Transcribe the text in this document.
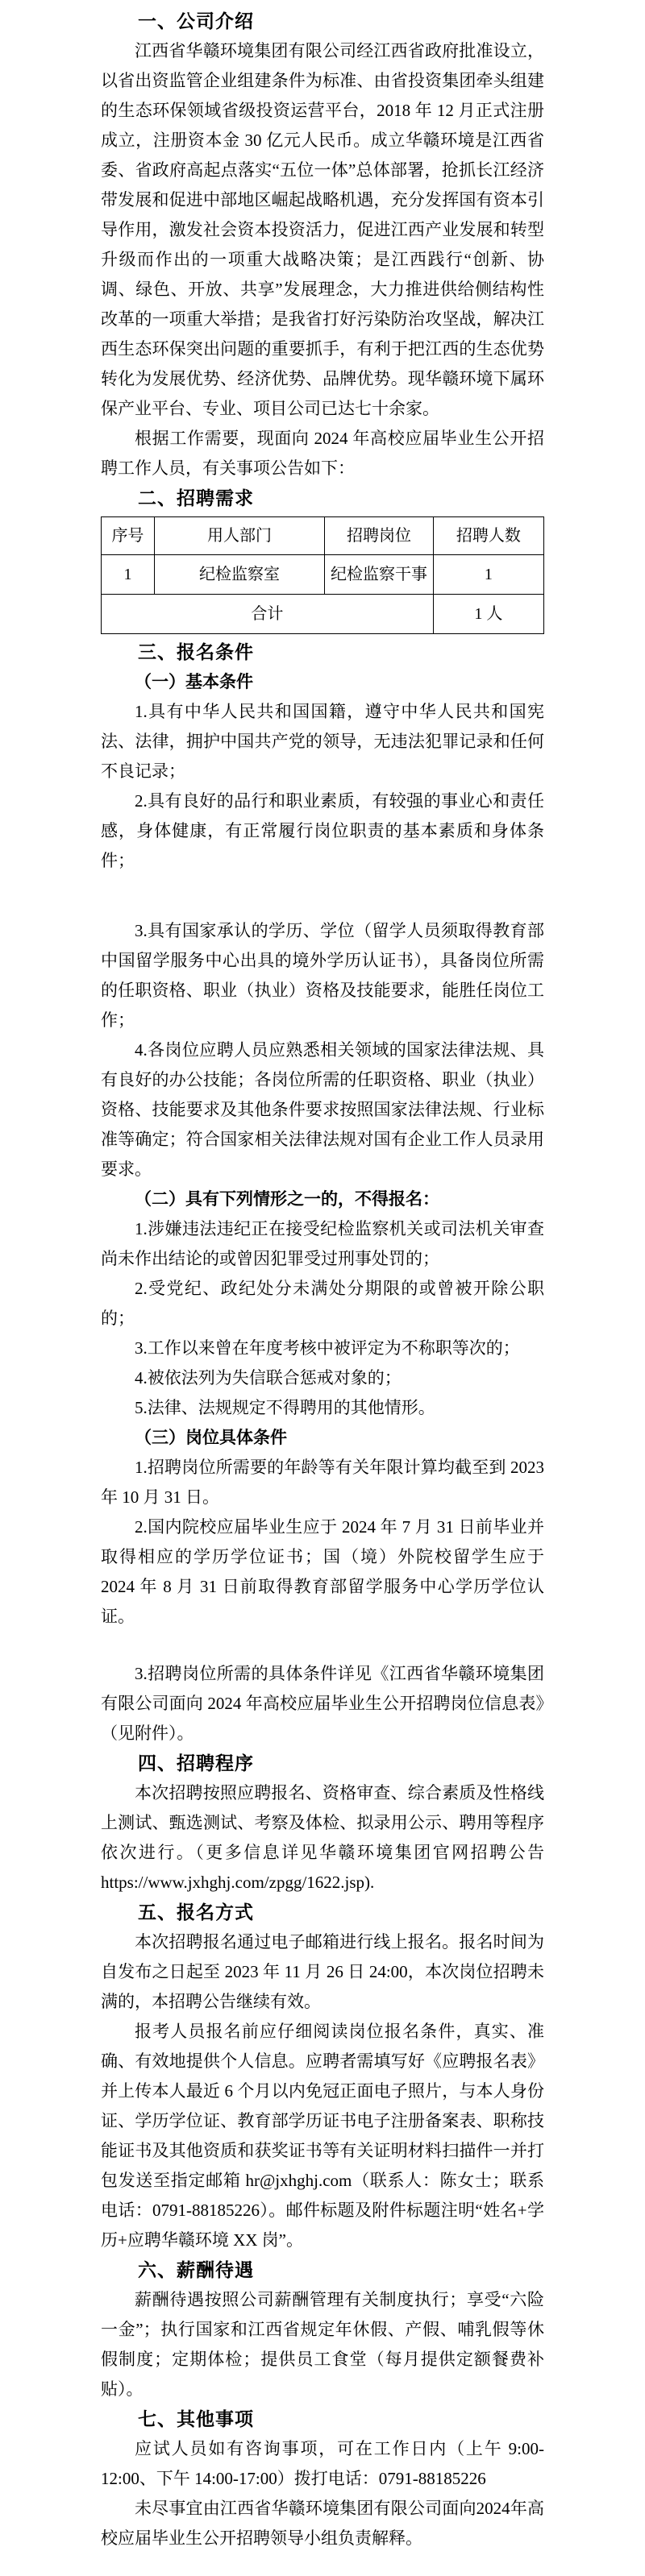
一、公司介绍

江西省华赣环境集团有限公司经江西省政府批准设立，以省出资监管企业组建条件为标准、由省投资集团牵头组建的生态环保领域省级投资运营平台，2018 年 12 月正式注册成立，注册资本金 30 亿元人民币。成立华赣环境是江西省委、省政府高起点落实“五位一体”总体部署，抢抓长江经济带发展和促进中部地区崛起战略机遇，充分发挥国有资本引导作用，激发社会资本投资活力，促进江西产业发展和转型升级而作出的一项重大战略决策；是江西践行“创新、协调、绿色、开放、共享”发展理念，大力推进供给侧结构性改革的一项重大举措；是我省打好污染防治攻坚战，解决江西生态环保突出问题的重要抓手，有利于把江西的生态优势转化为发展优势、经济优势、品牌优势。现华赣环境下属环保产业平台、专业、项目公司已达七十余家。

根据工作需要，现面向 2024 年高校应届毕业生公开招聘工作人员，有关事项公告如下：

二、招聘需求
序号	用人部门	招聘岗位	招聘人数
1	纪检监察室	纪检监察干事	1
合计			1 人
三、报名条件
（一）基本条件

1.具有中华人民共和国国籍，遵守中华人民共和国宪法、法律，拥护中国共产党的领导，无违法犯罪记录和任何不良记录；

2.具有良好的品行和职业素质，有较强的事业心和责任感，身体健康，有正常履行岗位职责的基本素质和身体条件；

3.具有国家承认的学历、学位（留学人员须取得教育部中国留学服务中心出具的境外学历认证书），具备岗位所需的任职资格、职业（执业）资格及技能要求，能胜任岗位工作；

4.各岗位应聘人员应熟悉相关领域的国家法律法规、具有良好的办公技能；各岗位所需的任职资格、职业（执业）资格、技能要求及其他条件要求按照国家法律法规、行业标准等确定；符合国家相关法律法规对国有企业工作人员录用要求。

（二）具有下列情形之一的，不得报名：

1.涉嫌违法违纪正在接受纪检监察机关或司法机关审查尚未作出结论的或曾因犯罪受过刑事处罚的；

2.受党纪、政纪处分未满处分期限的或曾被开除公职的；

3.工作以来曾在年度考核中被评定为不称职等次的；

4.被依法列为失信联合惩戒对象的；

5.法律、法规规定不得聘用的其他情形。

（三）岗位具体条件

1.招聘岗位所需要的年龄等有关年限计算均截至到 2023 年 10 月 31 日。

2.国内院校应届毕业生应于 2024 年 7 月 31 日前毕业并取得相应的学历学位证书；国（境）外院校留学生应于 2024 年 8 月 31 日前取得教育部留学服务中心学历学位认证。

3.招聘岗位所需的具体条件详见《江西省华赣环境集团有限公司面向 2024 年高校应届毕业生公开招聘岗位信息表》（见附件）。

四、招聘程序

本次招聘按照应聘报名、资格审查、综合素质及性格线上测试、甄选测试、考察及体检、拟录用公示、聘用等程序依次进行。（更多信息详见华赣环境集团官网招聘公告 https://www.jxhghj.com/zpgg/1622.jsp).

五、报名方式

本次招聘报名通过电子邮箱进行线上报名。报名时间为自发布之日起至 2023 年 11 月 26 日 24:00，本次岗位招聘未满的，本招聘公告继续有效。

报考人员报名前应仔细阅读岗位报名条件，真实、准确、有效地提供个人信息。应聘者需填写好《应聘报名表》并上传本人最近 6 个月以内免冠正面电子照片，与本人身份证、学历学位证、教育部学历证书电子注册备案表、职称技能证书及其他资质和获奖证书等有关证明材料扫描件一并打包发送至指定邮箱 hr@jxhghj.com（联系人：陈女士；联系电话：0791-88185226）。邮件标题及附件标题注明“姓名+学历+应聘华赣环境 XX 岗”。

六、薪酬待遇

薪酬待遇按照公司薪酬管理有关制度执行；享受“六险一金”；执行国家和江西省规定年休假、产假、哺乳假等休假制度；定期体检；提供员工食堂（每月提供定额餐费补贴）。

七、其他事项

应试人员如有咨询事项，可在工作日内（上午 9:00-12:00、下午 14:00-17:00）拨打电话：0791-88185226

未尽事宜由江西省华赣环境集团有限公司面向2024年高校应届毕业生公开招聘领导小组负责解释。
